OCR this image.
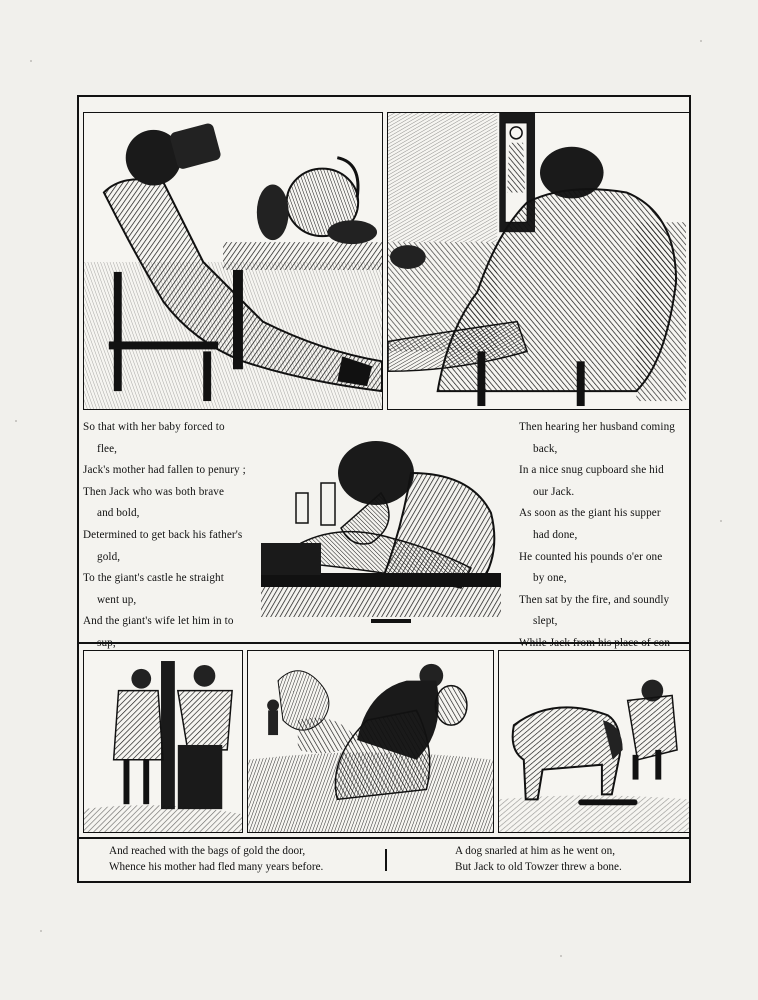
So that with her baby forced to
flee,
Jack's mother had fallen to penury ;
Then Jack who was both brave
and bold,
Determined to get back his father's
gold,
To the giant's castle he straight
went up,
And the giant's wife let him in to
Then hearing her husband coming
back,
In a nice snug cupboard she hid
our Jack.
As soon as the giant his supper
had done,
He counted his pounds o'er one
by one,
Then sat by the fire, and soundly
slept,
And reached with the bags of gold the door,
Whence his mother had fled many years before.
A dog snarled at him as he went on,
But Jack to old Towzer threw a bone.
